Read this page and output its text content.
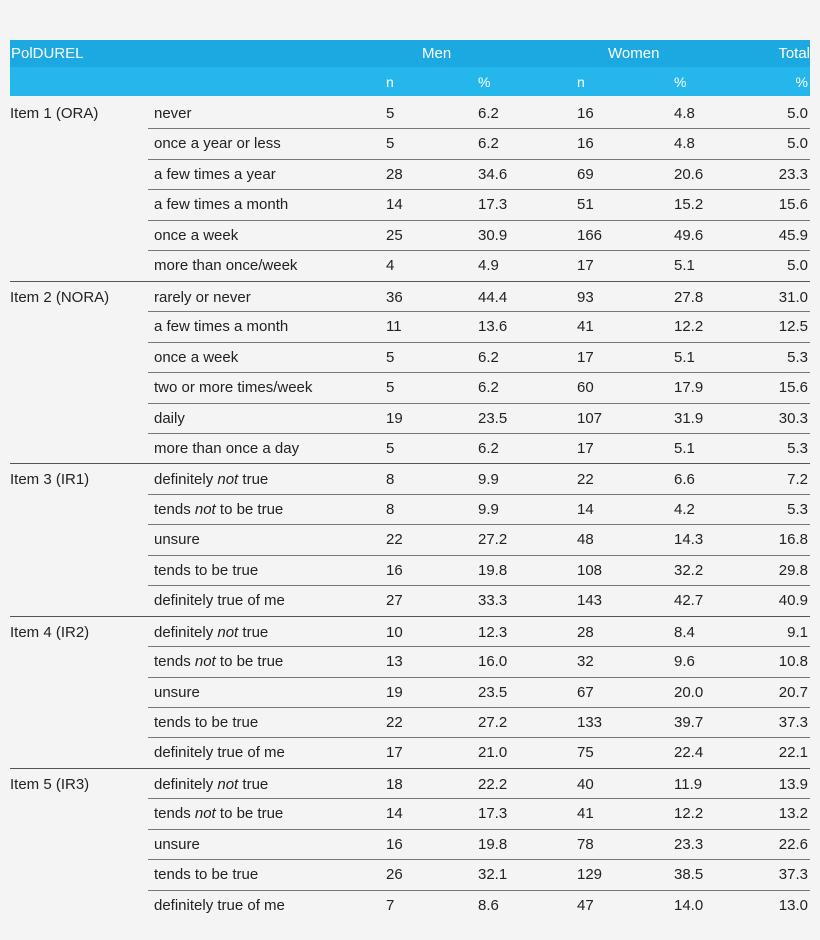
PolDUREL	Men	Women	Total
n	%	n	%	%
Item 1 (ORA)	never	5	6.2	16	4.8	5.0
once a year or less	5	6.2	16	4.8	5.0
a few times a year	28	34.6	69	20.6	23.3
a few times a month	14	17.3	51	15.2	15.6
once a week	25	30.9	166	49.6	45.9
more than once/week	4	4.9	17	5.1	5.0
Item 2 (NORA)	rarely or never	36	44.4	93	27.8	31.0
a few times a month	11	13.6	41	12.2	12.5
once a week	5	6.2	17	5.1	5.3
two or more times/week	5	6.2	60	17.9	15.6
daily	19	23.5	107	31.9	30.3
more than once a day	5	6.2	17	5.1	5.3
Item 3 (IR1)	definitely not true	8	9.9	22	6.6	7.2
tends not to be true	8	9.9	14	4.2	5.3
unsure	22	27.2	48	14.3	16.8
tends to be true	16	19.8	108	32.2	29.8
definitely true of me	27	33.3	143	42.7	40.9
Item 4 (IR2)	definitely not true	10	12.3	28	8.4	9.1
tends not to be true	13	16.0	32	9.6	10.8
unsure	19	23.5	67	20.0	20.7
tends to be true	22	27.2	133	39.7	37.3
definitely true of me	17	21.0	75	22.4	22.1
Item 5 (IR3)	definitely not true	18	22.2	40	11.9	13.9
tends not to be true	14	17.3	41	12.2	13.2
unsure	16	19.8	78	23.3	22.6
tends to be true	26	32.1	129	38.5	37.3
definitely true of me	7	8.6	47	14.0	13.0
